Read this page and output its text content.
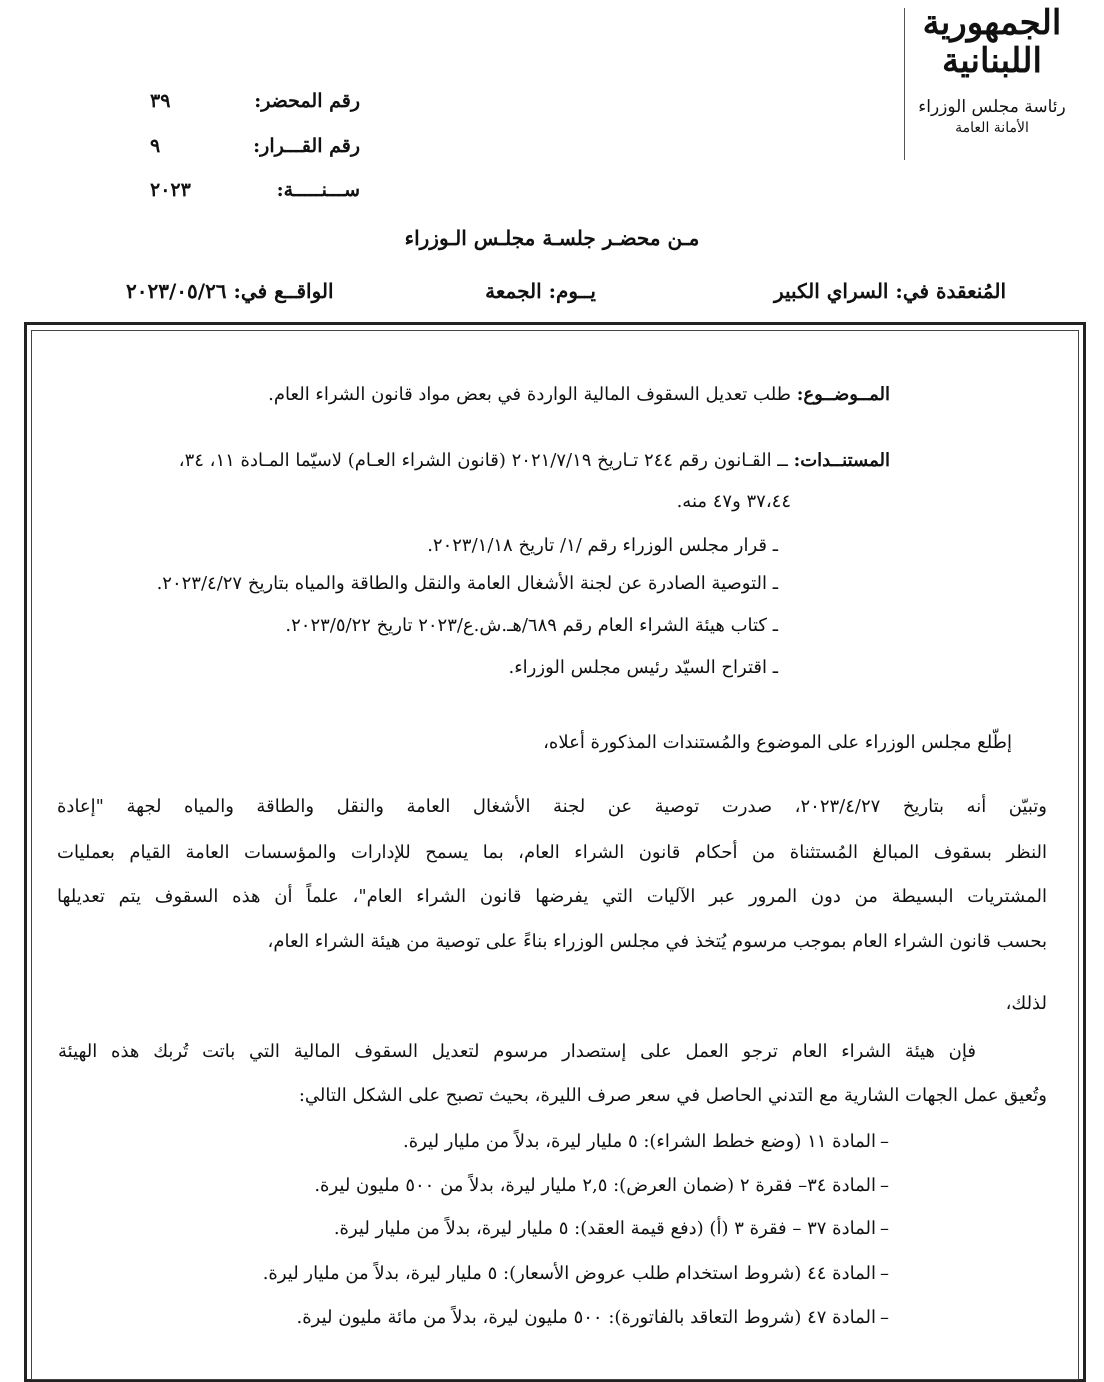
الجمهورية اللبنانية
رئاسة مجلس الوزراء
الأمانة العامة
رقم المحضر:
٣٩
رقم القـــرار:
٩
ســـنـــــة:
٢٠٢٣
مـن محضـر جلسـة مجلـس الـوزراء
المُنعقدة في: السراي الكبير
يــوم: الجمعة
الواقــع في: ٢٠٢٣/٠٥/٢٦
المــوضــوع: طلب تعديل السقوف المالية الواردة في بعض مواد قانون الشراء العام.
المستنــدات: ــ القـانون رقم ٢٤٤ تـاريخ ٢٠٢١/٧/١٩ (قانون الشراء العـام) لاسيّما المـادة ١١، ٣٤،
٣٧،٤٤ و٤٧ منه.
ـ قرار مجلس الوزراء رقم /١/ تاريخ ٢٠٢٣/١/١٨.
ـ التوصية الصادرة عن لجنة الأشغال العامة والنقل والطاقة والمياه بتاريخ ٢٠٢٣/٤/٢٧.
ـ كتاب هيئة الشراء العام رقم ٦٨٩/هـ.ش.ع/٢٠٢٣ تاريخ ٢٠٢٣/٥/٢٢.
ـ اقتراح السيّد رئيس مجلس الوزراء.
إطّلع مجلس الوزراء على الموضوع والمُستندات المذكورة أعلاه،
وتبيّن أنه بتاريخ ٢٠٢٣/٤/٢٧، صدرت توصية عن لجنة الأشغال العامة والنقل والطاقة والمياه لجهة "إعادة
النظر بسقوف المبالغ المُستثناة من أحكام قانون الشراء العام، بما يسمح للإدارات والمؤسسات العامة القيام بعمليات
المشتريات البسيطة من دون المرور عبر الآليات التي يفرضها قانون الشراء العام"، علماً أن هذه السقوف يتم تعديلها
بحسب قانون الشراء العام بموجب مرسوم يُتخذ في مجلس الوزراء بناءً على توصية من هيئة الشراء العام،
لذلك،
فإن هيئة الشراء العام ترجو العمل على إستصدار مرسوم لتعديل السقوف المالية التي باتت تُربك هذه الهيئة
وتُعيق عمل الجهات الشارية مع التدني الحاصل في سعر صرف الليرة، بحيث تصبح على الشكل التالي:
–
المادة ١١ (وضع خطط الشراء): ٥ مليار ليرة، بدلاً من مليار ليرة.
–
المادة ٣٤– فقرة ٢ (ضمان العرض): ٢,٥ مليار ليرة، بدلاً من ٥٠٠ مليون ليرة.
–
المادة ٣٧ – فقرة ٣ (أ) (دفع قيمة العقد): ٥ مليار ليرة، بدلاً من مليار ليرة.
–
المادة ٤٤ (شروط استخدام طلب عروض الأسعار): ٥ مليار ليرة، بدلاً من مليار ليرة.
–
المادة ٤٧ (شروط التعاقد بالفاتورة): ٥٠٠ مليون ليرة، بدلاً من مائة مليون ليرة.
